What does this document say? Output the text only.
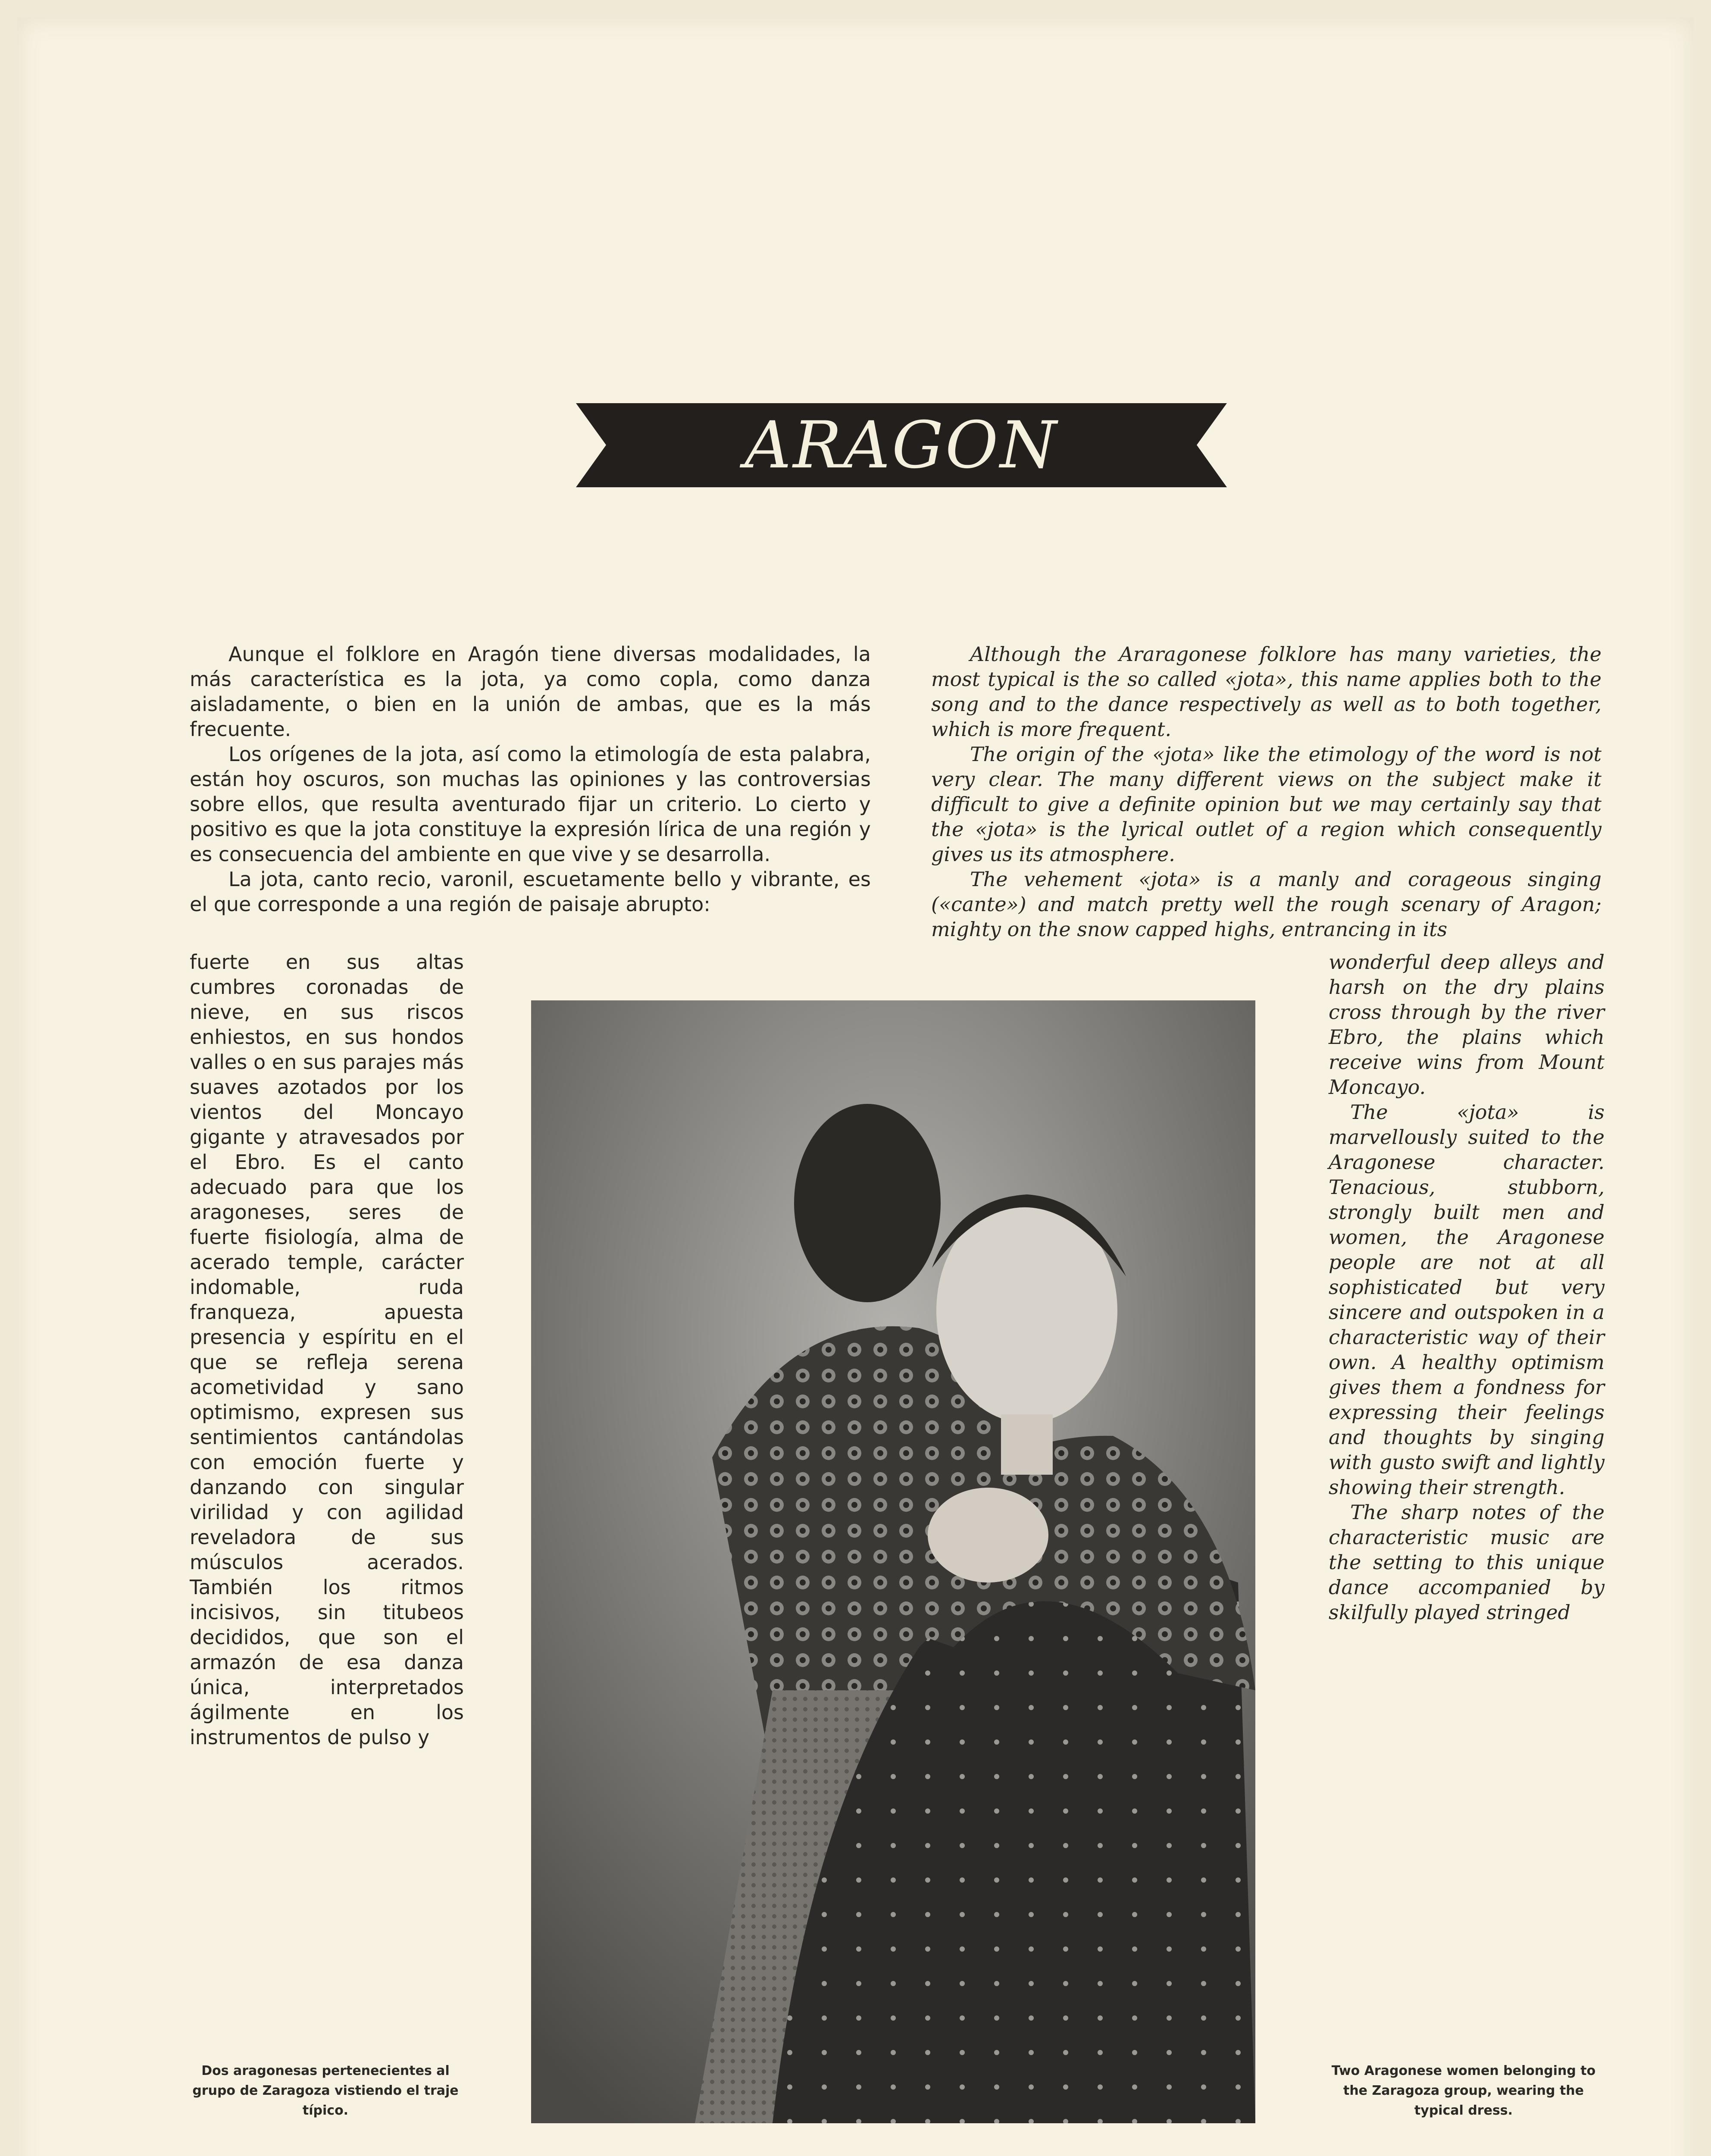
ARAGON

Aunque el folklore en Aragón tiene diversas modalidades, la más característica es la jota, ya como copla, como danza aisladamente, o bien en la unión de ambas, que es la más frecuente.

Los orígenes de la jota, así como la etimología de esta palabra, están hoy oscuros, son muchas las opiniones y las controversias sobre ellos, que resulta aventurado fijar un criterio. Lo cierto y positivo es que la jota constituye la expresión lírica de una región y es consecuencia del ambiente en que vive y se desarrolla.

La jota, canto recio, varonil, escuetamente bello y vibrante, es el que corresponde a una región de paisaje abrupto:

fuerte en sus altas cumbres coronadas de nieve, en sus riscos enhiestos, en sus hondos valles o en sus parajes más suaves azotados por los vientos del Moncayo gigante y atravesados por el Ebro. Es el canto adecuado para que los aragoneses, seres de fuerte fisiología, alma de acerado temple, carácter indomable, ruda franqueza, apuesta presencia y espíritu en el que se refleja serena acometividad y sano optimismo, expresen sus sentimientos cantándolas con emoción fuerte y danzando con singular virilidad y con agilidad reveladora de sus músculos acerados. También los ritmos incisivos, sin titubeos decididos, que son el armazón de esa danza única, interpretados ágilmente en los instrumentos de pulso y

Although the Araragonese folklore has many varieties, the most typical is the so called «jota», this name applies both to the song and to the dance respectively as well as to both together, which is more frequent.

The origin of the «jota» like the etimology of the word is not very clear. The many different views on the subject make it difficult to give a definite opinion but we may certainly say that the «jota» is the lyrical outlet of a region which consequently gives us its atmosphere.

The vehement «jota» is a manly and corageous singing («cante») and match pretty well the rough scenary of Aragon; mighty on the snow capped highs, entrancing in its

wonderful deep alleys and harsh on the dry plains cross through by the river Ebro, the plains which receive wins from Mount Moncayo.

The «jota» is marvellously suited to the Aragonese character. Tenacious, stubborn, strongly built men and women, the Aragonese people are not at all sophisticated but very sincere and outspoken in a characteristic way of their own. A healthy optimism gives them a fondness for expressing their feelings and thoughts by singing with gusto swift and lightly showing their strength.

The sharp notes of the characteristic music are the setting to this unique dance accompanied by skilfully played stringed

Dos aragonesas pertenecientes al grupo de Zaragoza vistiendo el traje típico.
Two Aragonese women belonging to the Zaragoza group, wearing the typical dress.
